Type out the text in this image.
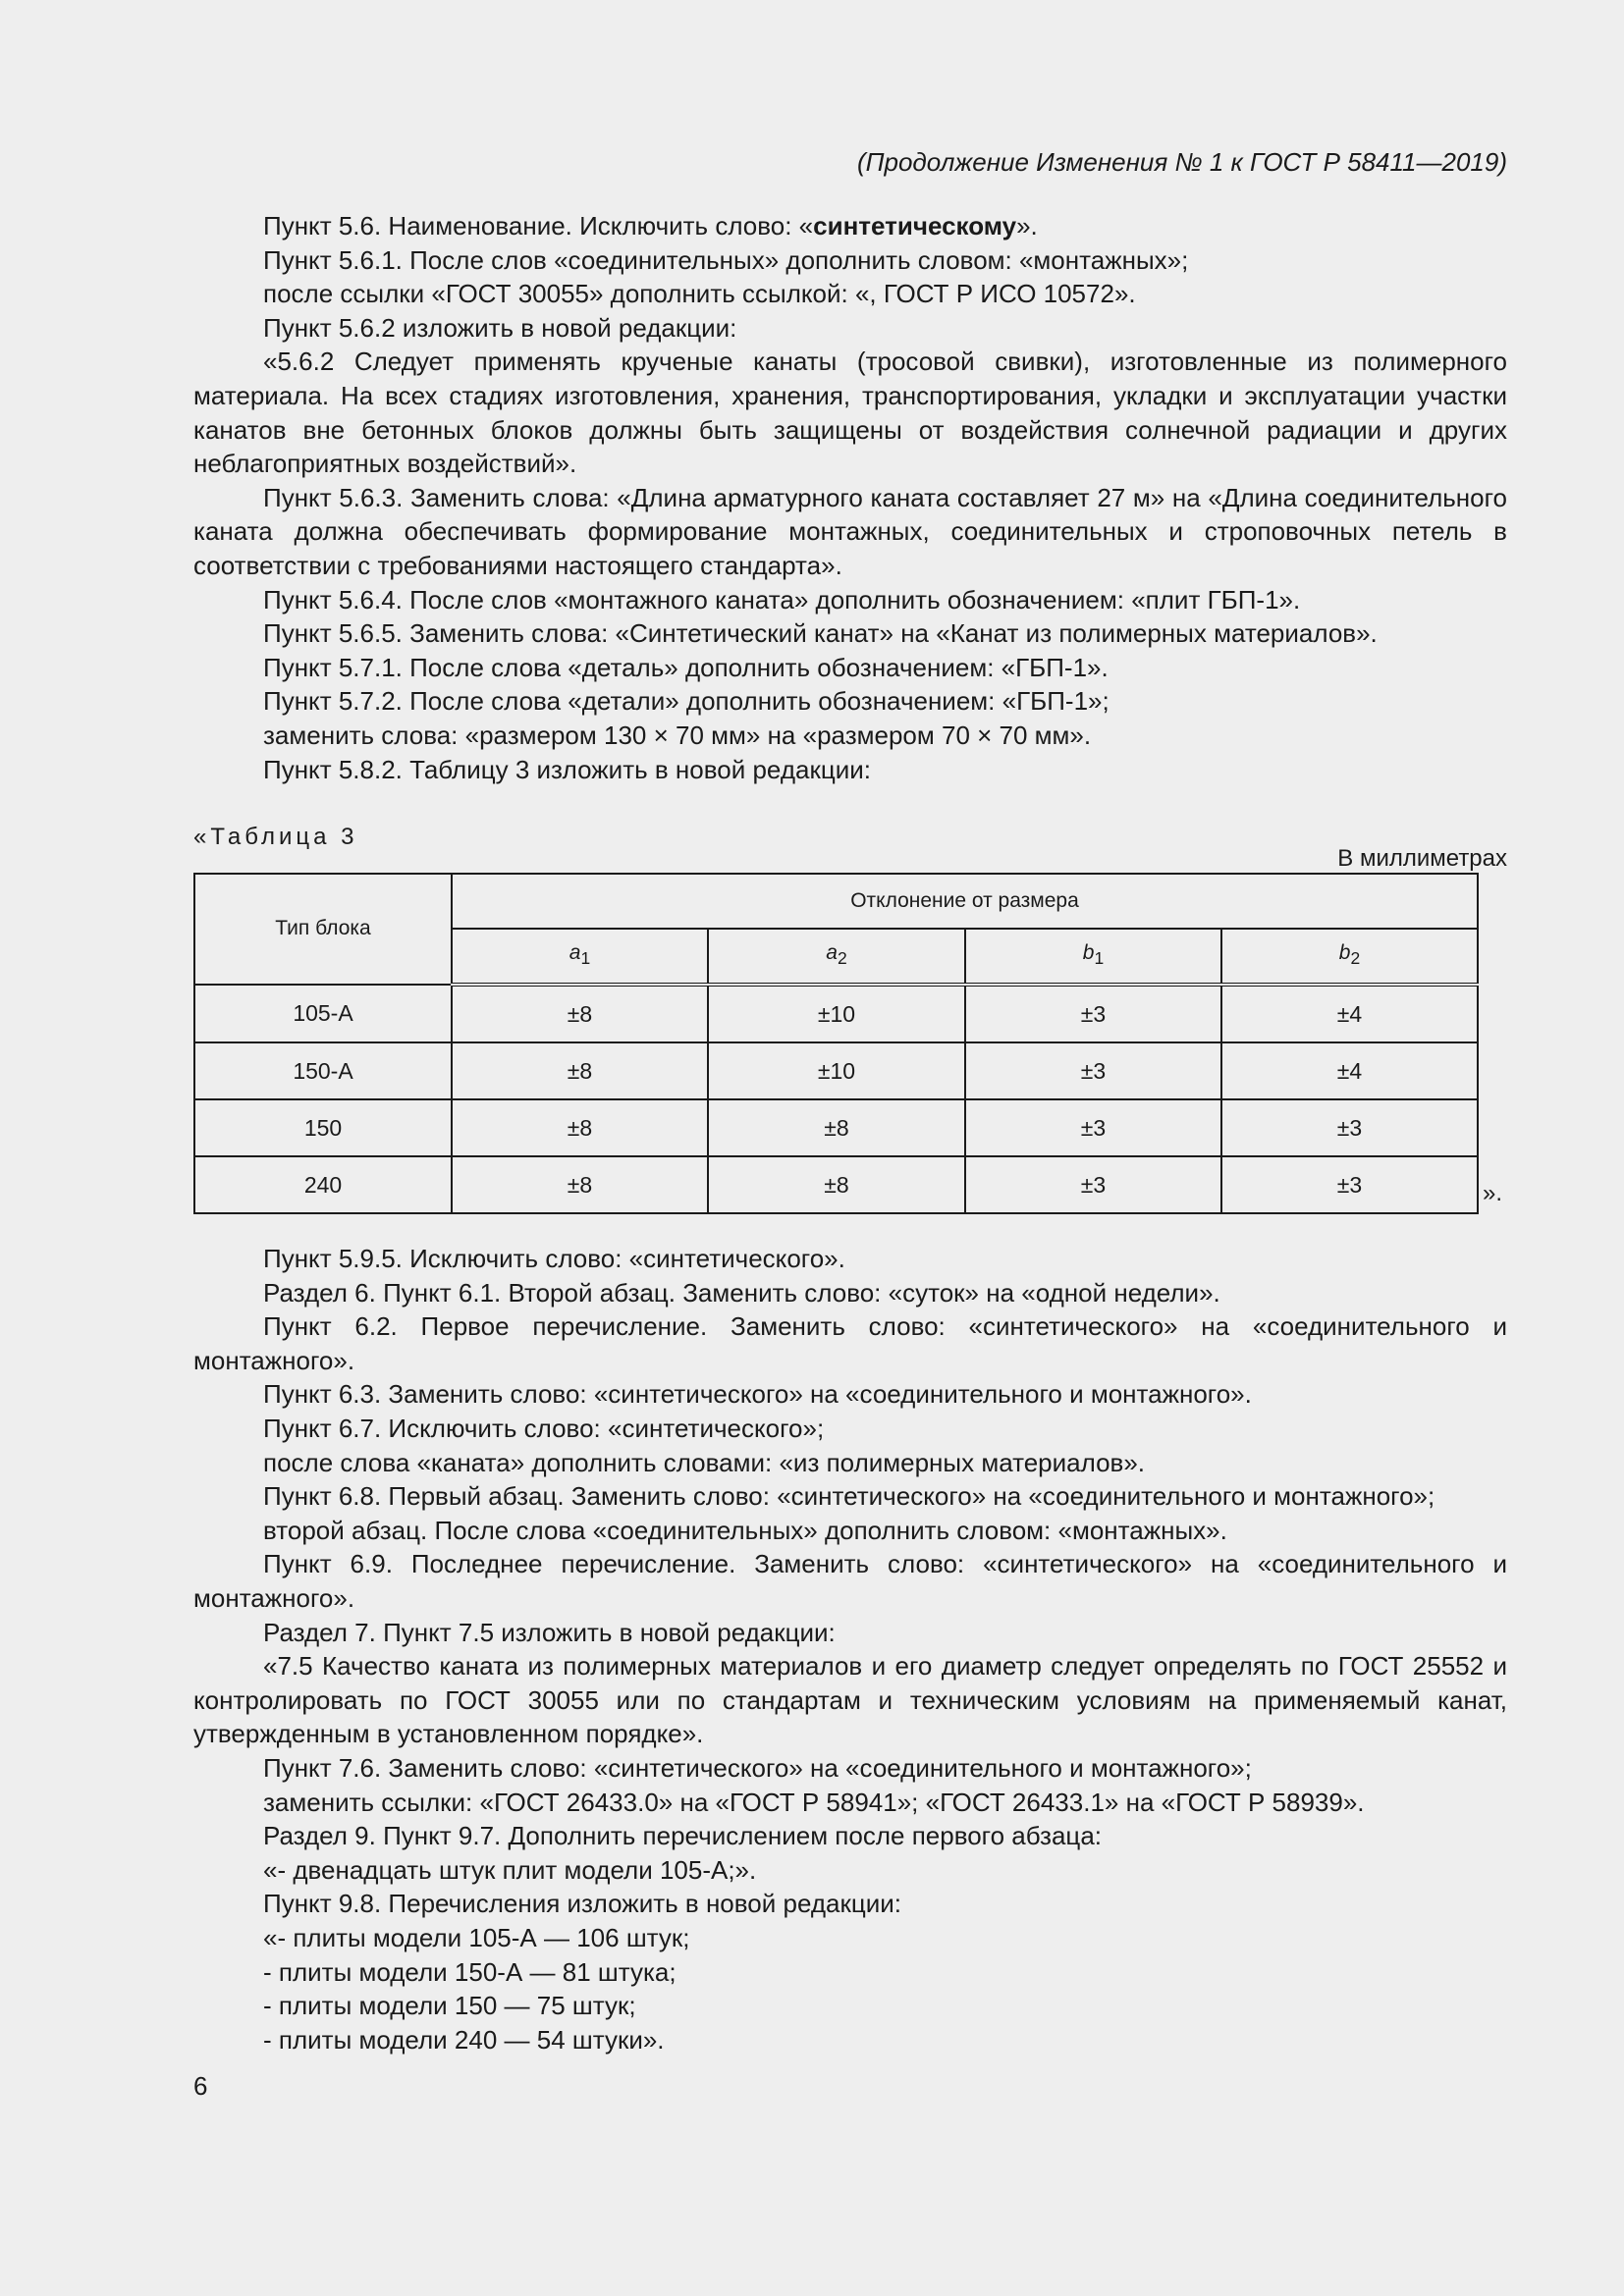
(Продолжение Изменения № 1 к ГОСТ Р 58411—2019)

Пункт 5.6. Наименование. Исключить слово: «синтетическому».

Пункт 5.6.1. После слов «соединительных» дополнить словом: «монтажных»;

после ссылки «ГОСТ 30055» дополнить ссылкой: «, ГОСТ Р ИСО 10572».

Пункт 5.6.2 изложить в новой редакции:

«5.6.2 Следует применять крученые канаты (тросовой свивки), изготовленные из полимерного материала. На всех стадиях изготовления, хранения, транспортирования, укладки и эксплуатации участки канатов вне бетонных блоков должны быть защищены от воздействия солнечной радиации и других неблагоприятных воздействий».

Пункт 5.6.3. Заменить слова: «Длина арматурного каната составляет 27 м» на «Длина соединительного каната должна обеспечивать формирование монтажных, соединительных и строповочных петель в соответствии с требованиями настоящего стандарта».

Пункт 5.6.4. После слов «монтажного каната» дополнить обозначением: «плит ГБП-1».

Пункт 5.6.5. Заменить слова: «Синтетический канат» на «Канат из полимерных материалов».

Пункт 5.7.1. После слова «деталь» дополнить обозначением: «ГБП-1».

Пункт 5.7.2. После слова «детали» дополнить обозначением: «ГБП-1»;

заменить слова: «размером 130 × 70 мм» на «размером 70 × 70 мм».

Пункт 5.8.2. Таблицу 3 изложить в новой редакции:

«Таблица 3
В миллиметрах
Тип блока	Отклонение от размера			
	$a_1$	$a_2$	$b_1$	$b_2$
105-А	±8	±10	±3	±4
150-А	±8	±10	±3	±4
150	±8	±8	±3	±3
240	±8	±8	±3	±3	».

Пункт 5.9.5. Исключить слово: «синтетического».

Раздел 6. Пункт 6.1. Второй абзац. Заменить слово: «суток» на «одной недели».

Пункт 6.2. Первое перечисление. Заменить слово: «синтетического» на «соединительного и монтажного».

Пункт 6.3. Заменить слово: «синтетического» на «соединительного и монтажного».

Пункт 6.7. Исключить слово: «синтетического»;

после слова «каната» дополнить словами: «из полимерных материалов».

Пункт 6.8. Первый абзац. Заменить слово: «синтетического» на «соединительного и монтажного»;

второй абзац. После слова «соединительных» дополнить словом: «монтажных».

Пункт 6.9. Последнее перечисление. Заменить слово: «синтетического» на «соединительного и монтажного».

Раздел 7. Пункт 7.5 изложить в новой редакции:

«7.5 Качество каната из полимерных материалов и его диаметр следует определять по ГОСТ 25552 и контролировать по ГОСТ 30055 или по стандартам и техническим условиям на применяемый канат, утвержденным в установленном порядке».

Пункт 7.6. Заменить слово: «синтетического» на «соединительного и монтажного»;

заменить ссылки: «ГОСТ 26433.0» на «ГОСТ Р 58941»; «ГОСТ 26433.1» на «ГОСТ Р 58939».

Раздел 9. Пункт 9.7. Дополнить перечислением после первого абзаца:

«- двенадцать штук плит модели 105-А;».

Пункт 9.8. Перечисления изложить в новой редакции:

«- плиты модели 105-А — 106 штук;

- плиты модели 150-А — 81 штука;

- плиты модели 150 — 75 штук;

- плиты модели 240 — 54 штуки».

6
